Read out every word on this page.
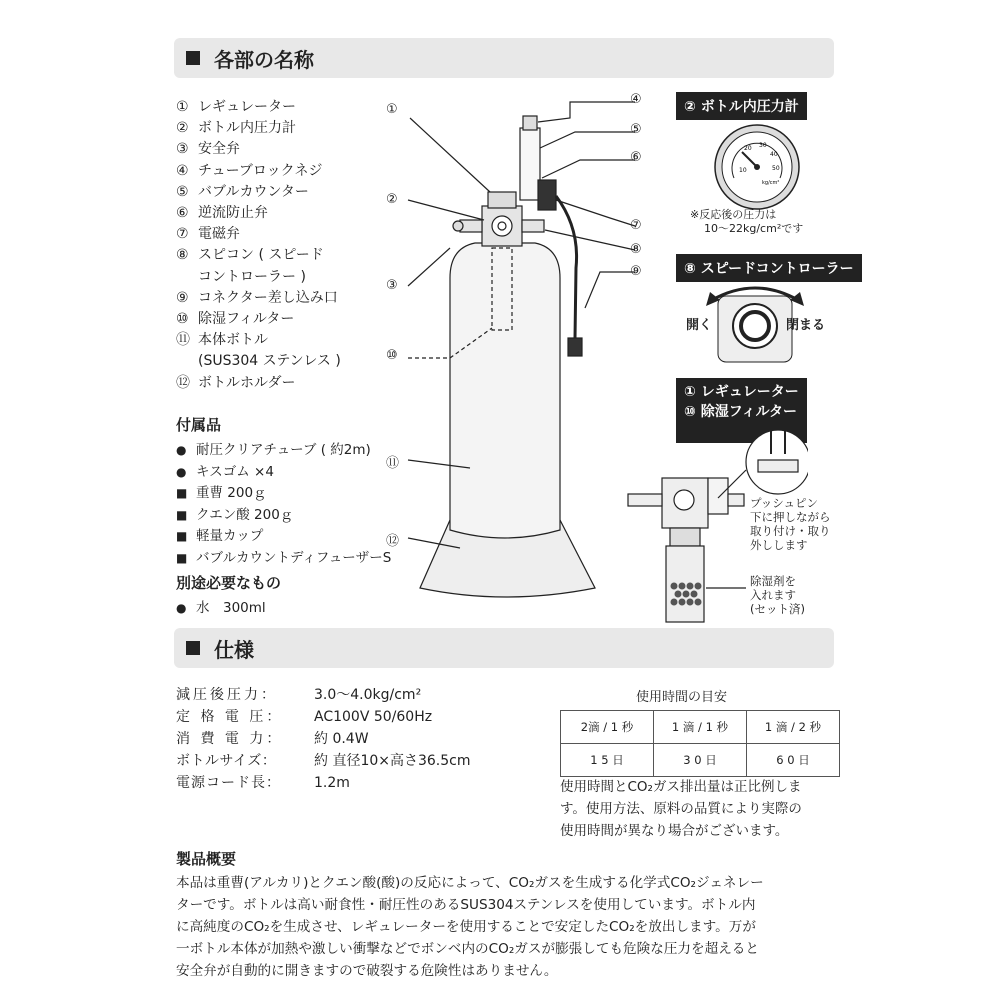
各部の名称
① レギュレーター
② ボトル内圧力計
③ 安全弁
④ チューブロックネジ
⑤ バブルカウンター
⑥ 逆流防止弁
⑦ 電磁弁
⑧ スピコン ( スピード
コントローラー )
⑨ コネクター差し込み口
⑩ 除湿フィルター
⑪ 本体ボトル
(SUS304 ステンレス )
⑫ ボトルホルダー
付属品
● 耐圧クリアチューブ ( 約2m)
● キスゴム ×4
■ 重曹 200ｇ
■ クエン酸 200ｇ
■ 軽量カップ
■ バブルカウントディフューザーS
別途必要なもの
● 水　300ml
①
②
③
④
⑤
⑥
⑦
⑧
⑨
⑩
⑪
⑫
② ボトル内圧力計
10
20 30
40
50
kg/cm²
※反応後の圧力は
10～22kg/cm²です
⑧ スピードコントローラー
開く	閉まる
① レギュレーター
⑩ 除湿フィルター
プッシュピン
下に押しながら
取り付け・取り
外しします
除湿剤を
入れます
(セット済)
仕様
減圧後圧力：	3.0～4.0kg/cm²
定 格 電 圧：	AC100V 50/60Hz
消 費 電 力：	約 0.4W
ボトルサイズ：	約 直径10×高さ36.5cm
電源コード長：	1.2m
使用時間の目安
2滴 / 1 秒	1 滴 / 1 秒	1 滴 / 2 秒
1 5 日	3 0 日	6 0 日
使用時間とCO₂ガス排出量は正比例しま
す。使用方法、原料の品質により実際の
使用時間が異なり場合がございます。
製品概要
本品は重曹(アルカリ)とクエン酸(酸)の反応によって、CO₂ガスを生成する化学式CO₂ジェネレー
ターです。ボトルは高い耐食性・耐圧性のあるSUS304ステンレスを使用しています。ボトル内
に高純度のCO₂を生成させ、レギュレーターを使用することで安定したCO₂を放出します。万が
一ボトル本体が加熱や激しい衝撃などでボンベ内のCO₂ガスが膨張しても危険な圧力を超えると
安全弁が自動的に開きますので破裂する危険性はありません。
